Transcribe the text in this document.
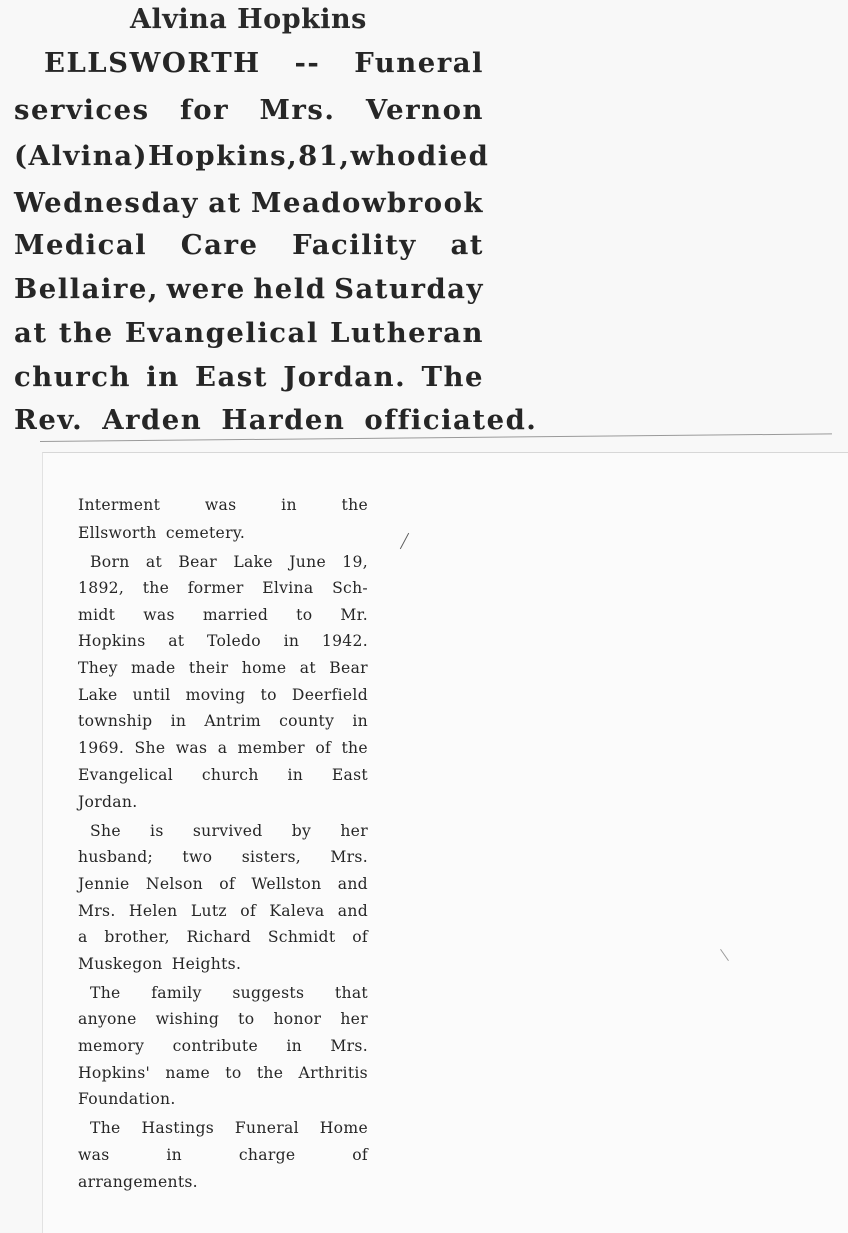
Alvina Hopkins
ELLSWORTH -- Funeral
services for Mrs. Vernon
(Alvina) Hopkins, 81, who died
Wednesday at Meadowbrook
Medical Care Facility at
Bellaire, were held Saturday
at the Evangelical Lutheran
church in East Jordan. The
Rev. Arden Harden officiated.
Interment	was	in	the
Ellsworth cemetery.
Born at Bear Lake June 19,
1892, the former Elvina Sch-
midt was married to Mr.
Hopkins at Toledo in 1942.
They made their home at Bear
Lake until moving to Deerfield
township in Antrim county in
1969. She was a member of the
Evangelical church in East
Jordan.
She is survived by her
husband; two sisters, Mrs.
Jennie Nelson of Wellston and
Mrs. Helen Lutz of Kaleva and
a brother, Richard Schmidt of
Muskegon Heights.
The family suggests that
anyone wishing to honor her
memory contribute in Mrs.
Hopkins' name to the Arthritis
Foundation.
The Hastings Funeral Home
was	in	charge	of
arrangements.
